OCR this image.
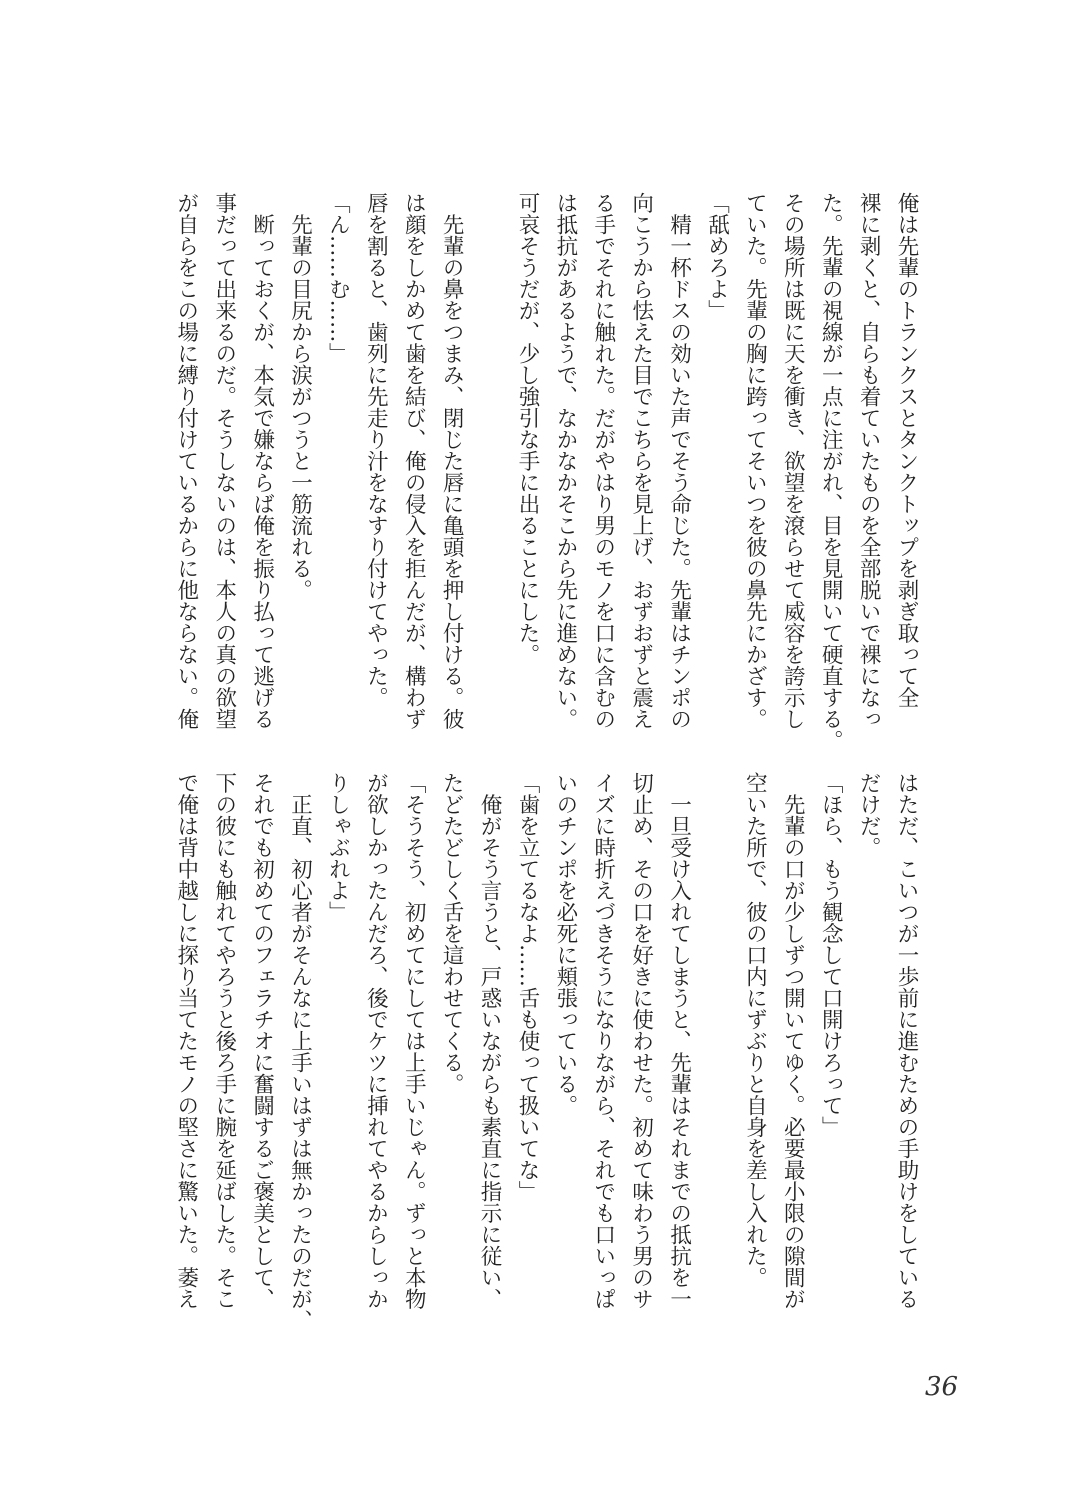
俺は先輩のトランクスとタンクトップを剥ぎ取って全
裸に剥くと、自らも着ていたものを全部脱いで裸になっ
た。先輩の視線が一点に注がれ、目を見開いて硬直する。
その場所は既に天を衝き、欲望を滾らせて威容を誇示し
ていた。先輩の胸に跨ってそいつを彼の鼻先にかざす。
「舐めろよ」
　精一杯ドスの効いた声でそう命じた。先輩はチンポの
向こうから怯えた目でこちらを見上げ、おずおずと震え
る手でそれに触れた。だがやはり男のモノを口に含むの
は抵抗があるようで、なかなかそこから先に進めない。
可哀そうだが、少し強引な手に出ることにした。
　先輩の鼻をつまみ、閉じた唇に亀頭を押し付ける。彼
は顔をしかめて歯を結び、俺の侵入を拒んだが、構わず
唇を割ると、歯列に先走り汁をなすり付けてやった。
「ん……む……」
　先輩の目尻から涙がつうと一筋流れる。
　断っておくが、本気で嫌ならば俺を振り払って逃げる
事だって出来るのだ。そうしないのは、本人の真の欲望
が自らをこの場に縛り付けているからに他ならない。俺
はただ、こいつが一歩前に進むための手助けをしている
だけだ。
「ほら、もう観念して口開けろって」
　先輩の口が少しずつ開いてゆく。必要最小限の隙間が
空いた所で、彼の口内にずぶりと自身を差し入れた。
　一旦受け入れてしまうと、先輩はそれまでの抵抗を一
切止め、その口を好きに使わせた。初めて味わう男のサ
イズに時折えづきそうになりながら、それでも口いっぱ
いのチンポを必死に頬張っている。
「歯を立てるなよ……舌も使って扱いてな」
　俺がそう言うと、戸惑いながらも素直に指示に従い、
たどたどしく舌を這わせてくる。
「そうそう、初めてにしては上手いじゃん。ずっと本物
が欲しかったんだろ、後でケツに挿れてやるからしっか
りしゃぶれよ」
　正直、初心者がそんなに上手いはずは無かったのだが、
それでも初めてのフェラチオに奮闘するご褒美として、
下の彼にも触れてやろうと後ろ手に腕を延ばした。そこ
で俺は背中越しに探り当てたモノの堅さに驚いた。萎え
36
